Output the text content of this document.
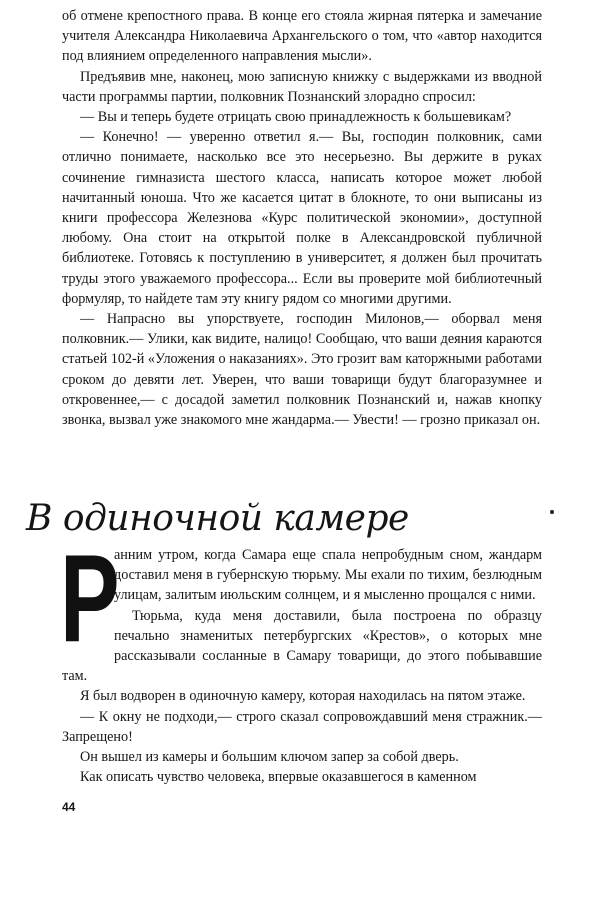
об отмене крепостного права. В конце его стояла жирная пятерка и замечание учителя Александра Николаевича Архангельского о том, что «автор находится под влиянием определенного направления мысли».

Предъявив мне, наконец, мою записную книжку с выдержками из вводной части программы партии, полковник Познанский злорадно спросил:

— Вы и теперь будете отрицать свою принадлежность к большевикам?

— Конечно! — уверенно ответил я.— Вы, господин полковник, сами отлично понимаете, насколько все это несерьезно. Вы держите в руках сочинение гимназиста шестого класса, написать которое может любой начитанный юноша. Что же касается цитат в блокноте, то они выписаны из книги профессора Железнова «Курс политической экономии», доступной любому. Она стоит на открытой полке в Александровской публичной библиотеке. Готовясь к поступлению в университет, я должен был прочитать труды этого уважаемого профессора... Если вы проверите мой библиотечный формуляр, то найдете там эту книгу рядом со многими другими.

— Напрасно вы упорствуете, господин Милонов,— оборвал меня полковник.— Улики, как видите, налицо! Сообщаю, что ваши деяния караются статьей 102-й «Уложения о наказаниях». Это грозит вам каторжными работами сроком до девяти лет. Уверен, что ваши товарищи будут благоразумнее и откровеннее,— с досадой заметил полковник Познанский и, нажав кнопку звонка, вызвал уже знакомого мне жандарма.— Увести! — грозно приказал он.

В одиночной камере
Р

анним утром, когда Самара еще спала непробудным сном, жандарм доставил меня в губернскую тюрьму. Мы ехали по тихим, безлюдным улицам, залитым июльским солнцем, и я мысленно прощался с ними.

Тюрьма, куда меня доставили, была построена по образцу печально знаменитых петербургских «Крестов», о которых мне рассказывали сосланные в Самару товарищи, до этого побывавшие там.

Я был водворен в одиночную камеру, которая находилась на пятом этаже.

— К окну не подходи,— строго сказал сопровождавший меня стражник.— Запрещено!

Он вышел из камеры и большим ключом запер за собой дверь.

Как описать чувство человека, впервые оказавшегося в каменном

44
